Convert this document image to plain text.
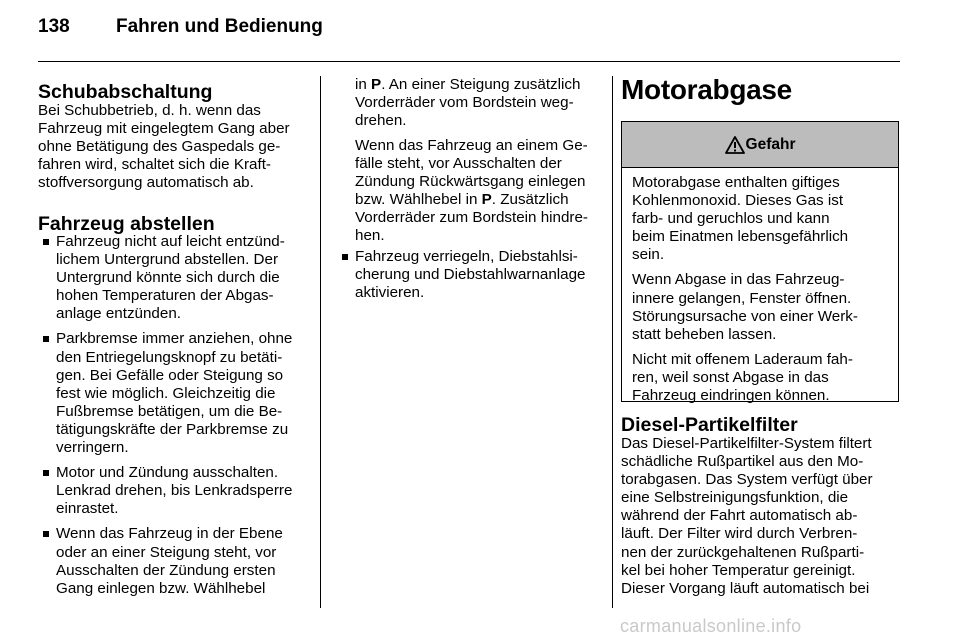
138 Fahren und Bedienung
Schubabschaltung

Bei Schubbetrieb, d. h. wenn das

Fahrzeug mit eingelegtem Gang aber

ohne Betätigung des Gaspedals ge-

fahren wird, schaltet sich die Kraft-

stoffversorgung automatisch ab.

Fahrzeug abstellen

Fahrzeug nicht auf leicht entzünd-

lichem Untergrund abstellen. Der

Untergrund könnte sich durch die

hohen Temperaturen der Abgas-

anlage entzünden.

Parkbremse immer anziehen, ohne

den Entriegelungsknopf zu betäti-

gen. Bei Gefälle oder Steigung so

fest wie möglich. Gleichzeitig die

Fußbremse betätigen, um die Be-

tätigungskräfte der Parkbremse zu

verringern.

Motor und Zündung ausschalten.

Lenkrad drehen, bis Lenkradsperre

einrastet.

Wenn das Fahrzeug in der Ebene

oder an einer Steigung steht, vor

Ausschalten der Zündung ersten

Gang einlegen bzw. Wählhebel

in P. An einer Steigung zusätzlich

Vorderräder vom Bordstein weg-

drehen.

Wenn das Fahrzeug an einem Ge-

fälle steht, vor Ausschalten der

Zündung Rückwärtsgang einlegen

bzw. Wählhebel in P. Zusätzlich

Vorderräder zum Bordstein hindre-

hen.

Fahrzeug verriegeln, Diebstahlsi-

cherung und Diebstahlwarnanlage

aktivieren.

Motorabgase
Gefahr

Motorabgase enthalten giftiges
Kohlenmonoxid. Dieses Gas ist
farb- und geruchlos und kann
beim Einatmen lebensgefährlich
sein.

Wenn Abgase in das Fahrzeug-
innere gelangen, Fenster öffnen.
Störungsursache von einer Werk-
statt beheben lassen.

Nicht mit offenem Laderaum fah-
ren, weil sonst Abgase in das
Fahrzeug eindringen können.

Diesel-Partikelfilter

Das Diesel-Partikelfilter-System filtert

schädliche Rußpartikel aus den Mo-

torabgasen. Das System verfügt über

eine Selbstreinigungsfunktion, die

während der Fahrt automatisch ab-

läuft. Der Filter wird durch Verbren-

nen der zurückgehaltenen Rußparti-

kel bei hoher Temperatur gereinigt.

Dieser Vorgang läuft automatisch bei

carmanualsonline.info
